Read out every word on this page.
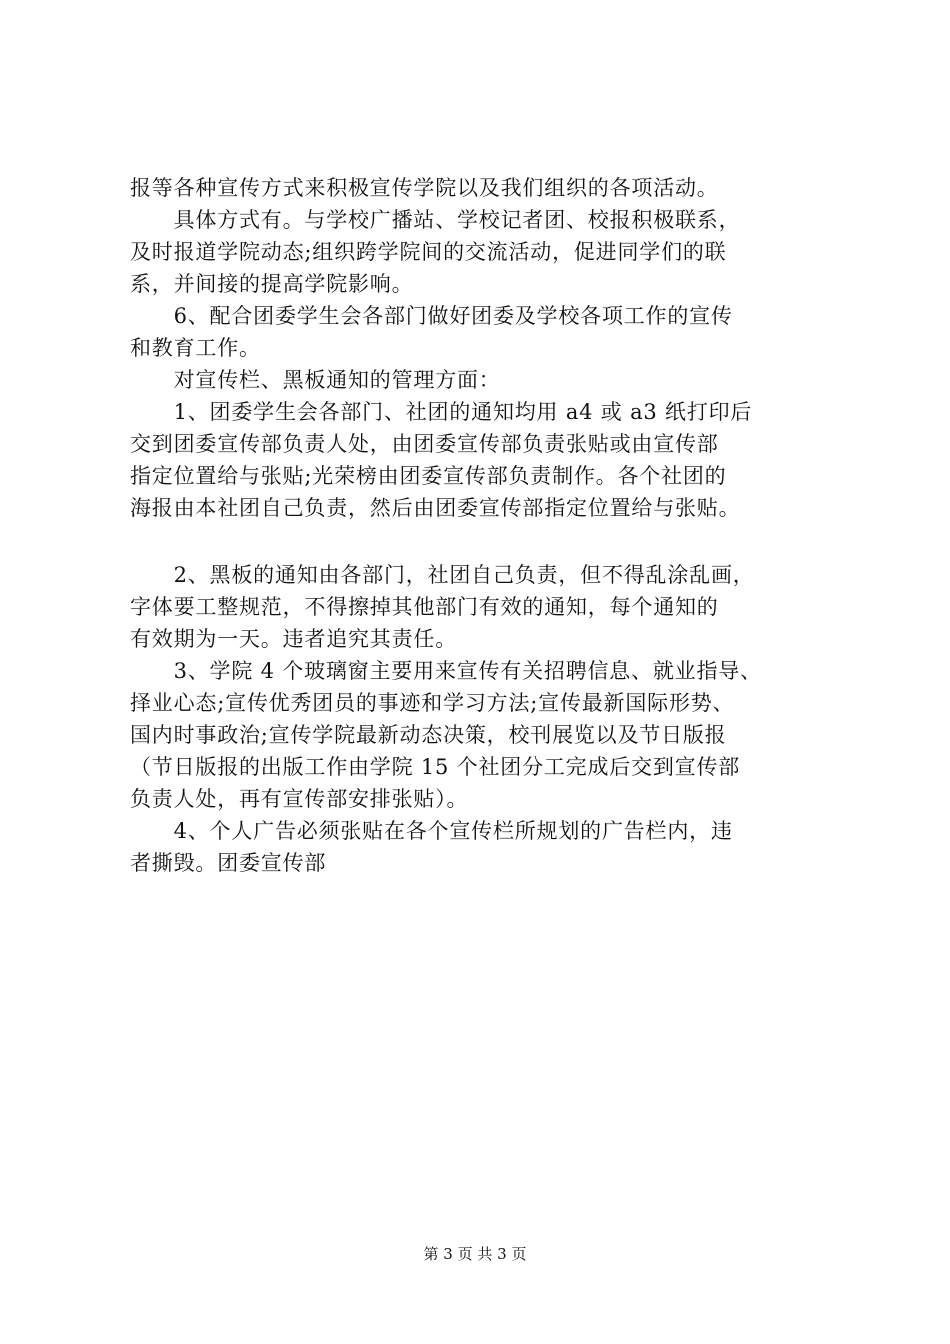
报等各种宣传方式来积极宣传学院以及我们组织的各项活动。
　　具体方式有。与学校广播站、学校记者团、校报积极联系，
及时报道学院动态;组织跨学院间的交流活动，促进同学们的联
系，并间接的提高学院影响。
　　6、配合团委学生会各部门做好团委及学校各项工作的宣传
和教育工作。
　　对宣传栏、黑板通知的管理方面：
　　1、团委学生会各部门、社团的通知均用 a4 或 a3 纸打印后
交到团委宣传部负责人处，由团委宣传部负责张贴或由宣传部
指定位置给与张贴;光荣榜由团委宣传部负责制作。各个社团的
海报由本社团自己负责，然后由团委宣传部指定位置给与张贴。
　　2、黑板的通知由各部门，社团自己负责，但不得乱涂乱画，
字体要工整规范，不得擦掉其他部门有效的通知，每个通知的
有效期为一天。违者追究其责任。
　　3、学院 4 个玻璃窗主要用来宣传有关招聘信息、就业指导、
择业心态;宣传优秀团员的事迹和学习方法;宣传最新国际形势、
国内时事政治;宣传学院最新动态决策，校刊展览以及节日版报
（节日版报的出版工作由学院 15 个社团分工完成后交到宣传部
负责人处，再有宣传部安排张贴）。
　　4、个人广告必须张贴在各个宣传栏所规划的广告栏内，违
者撕毁。团委宣传部
第 3 页 共 3 页
